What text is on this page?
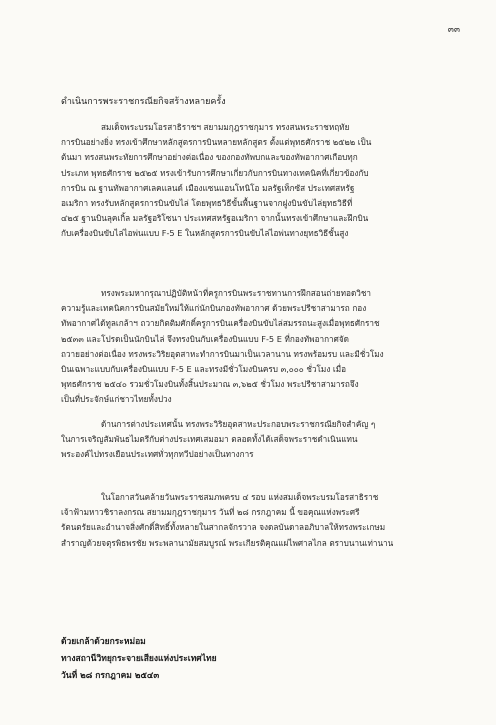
๓๓
ดำเนินการพระราชกรณียกิจสร้างหลายครั้ง

สมเด็จพระบรมโอรสาธิราชฯ สยามมกุฎราชกุมาร ทรงสนพระราชหฤทัย
การบินอย่างยิ่ง ทรงเข้าศึกษาหลักสูตรการบินหลายหลักสูตร ตั้งแต่พุทธศักราช ๒๕๒๒ เป็น
ต้นมา ทรงสนพระทัยการศึกษาอย่างต่อเนื่อง ของกองทัพบกและของทัพอากาศเกือบทุก
ประเภท พุทธศักราช ๒๕๒๕ ทรงเข้ารับการศึกษาเกี่ยวกับการบินทางเทคนิคที่เกี่ยวข้องกับ
การบิน ณ ฐานทัพอากาศเลคแลนด์ เมืองแซนแอนโทนิโอ มลรัฐเท็กซัส ประเทศสหรัฐ
อเมริกา ทรงรับหลักสูตรการบินขับไล่ โดยพุทธวิธีขั้นพื้นฐานจากฝูงบินขับไล่ยุทธวิธีที่
๔๒๕ ฐานบินลุคเกิ้ล มลรัฐอริโซนา ประเทศสหรัฐอเมริกา จากนั้นทรงเข้าศึกษาและฝึกบิน
กับเครื่องบินขับไล่ไอพ่นแบบ F-5 E ในหลักสูตรการบินขับไล่ไอพ่นทางยุทธวิธีชั้นสูง

ทรงพระมหากรุณาปฏิบัติหน้าที่ครูการบินพระราชทานการฝึกสอนถ่ายทอดวิชา
ความรู้และเทคนิคการบินสมัยใหม่ให้แก่นักบินกองทัพอากาศ ด้วยพระปรีชาสามารถ กอง
ทัพอากาศได้ทูลเกล้าฯ ถวายกิตติมศักดิ์ครูการบินเครื่องบินขับไล่สมรรถนะสูงเมื่อพุทธศักราช
๒๕๓๓ และโปรดเป็นนักบินไล่ จึงทรงบินกับเครื่องบินแบบ F-5 E ที่กองทัพอากาศจัด
ถวายอย่างต่อเนื่อง ทรงพระวิริยอุตสาหะทำการบินมาเป็นเวลานาน ทรงพร้อมรบ และมีชั่วโมง
บินเฉพาะแบบกับเครื่องบินแบบ F-5 E และทรงมีชั่วโมงบินครบ ๓,๐๐๐ ชั่วโมง เมื่อ
พุทธศักราช ๒๕๔๐ รวมชั่วโมงบินทั้งสิ้นประมาณ ๓,๖๒๕ ชั่วโมง พระปรีชาสามารถจึง
เป็นที่ประจักษ์แก่ชาวไทยทั้งปวง

ด้านการต่างประเทศนั้น ทรงพระวิริยอุตสาหะประกอบพระราชกรณียกิจสำคัญ ๆ
ในการเจริญสัมพันธไมตรีกับต่างประเทศเสมอมา ตลอดทั้งได้เสด็จพระราชดำเนินแทน
พระองค์ไปทรงเยือนประเทศทั่วทุกทวีปอย่างเป็นทางการ

ในโอกาสวันคล้ายวันพระราชสมภพครบ ๔ รอบ แห่งสมเด็จพระบรมโอรสาธิราช
เจ้าฟ้ามหาวชิราลงกรณ สยามมกุฎราชกุมาร วันที่ ๒๘ กรกฎาคม นี้ ขอคุณแห่งพระศรี
รัตนตรัยและอำนาจสิ่งศักดิ์สิทธิ์ทั้งหลายในสากลจักรวาล จงดลบันดาลอภิบาลให้ทรงพระเกษม
สำราญด้วยจตุรพิธพรชัย พระพลานามัยสมบูรณ์ พระเกียรติคุณแผ่ไพศาลไกล ตราบนานเท่านาน

ด้วยเกล้าด้วยกระหม่อม
ทางสถานีวิทยุกระจายเสียงแห่งประเทศไทย
วันที่ ๒๘ กรกฎาคม ๒๕๔๓
